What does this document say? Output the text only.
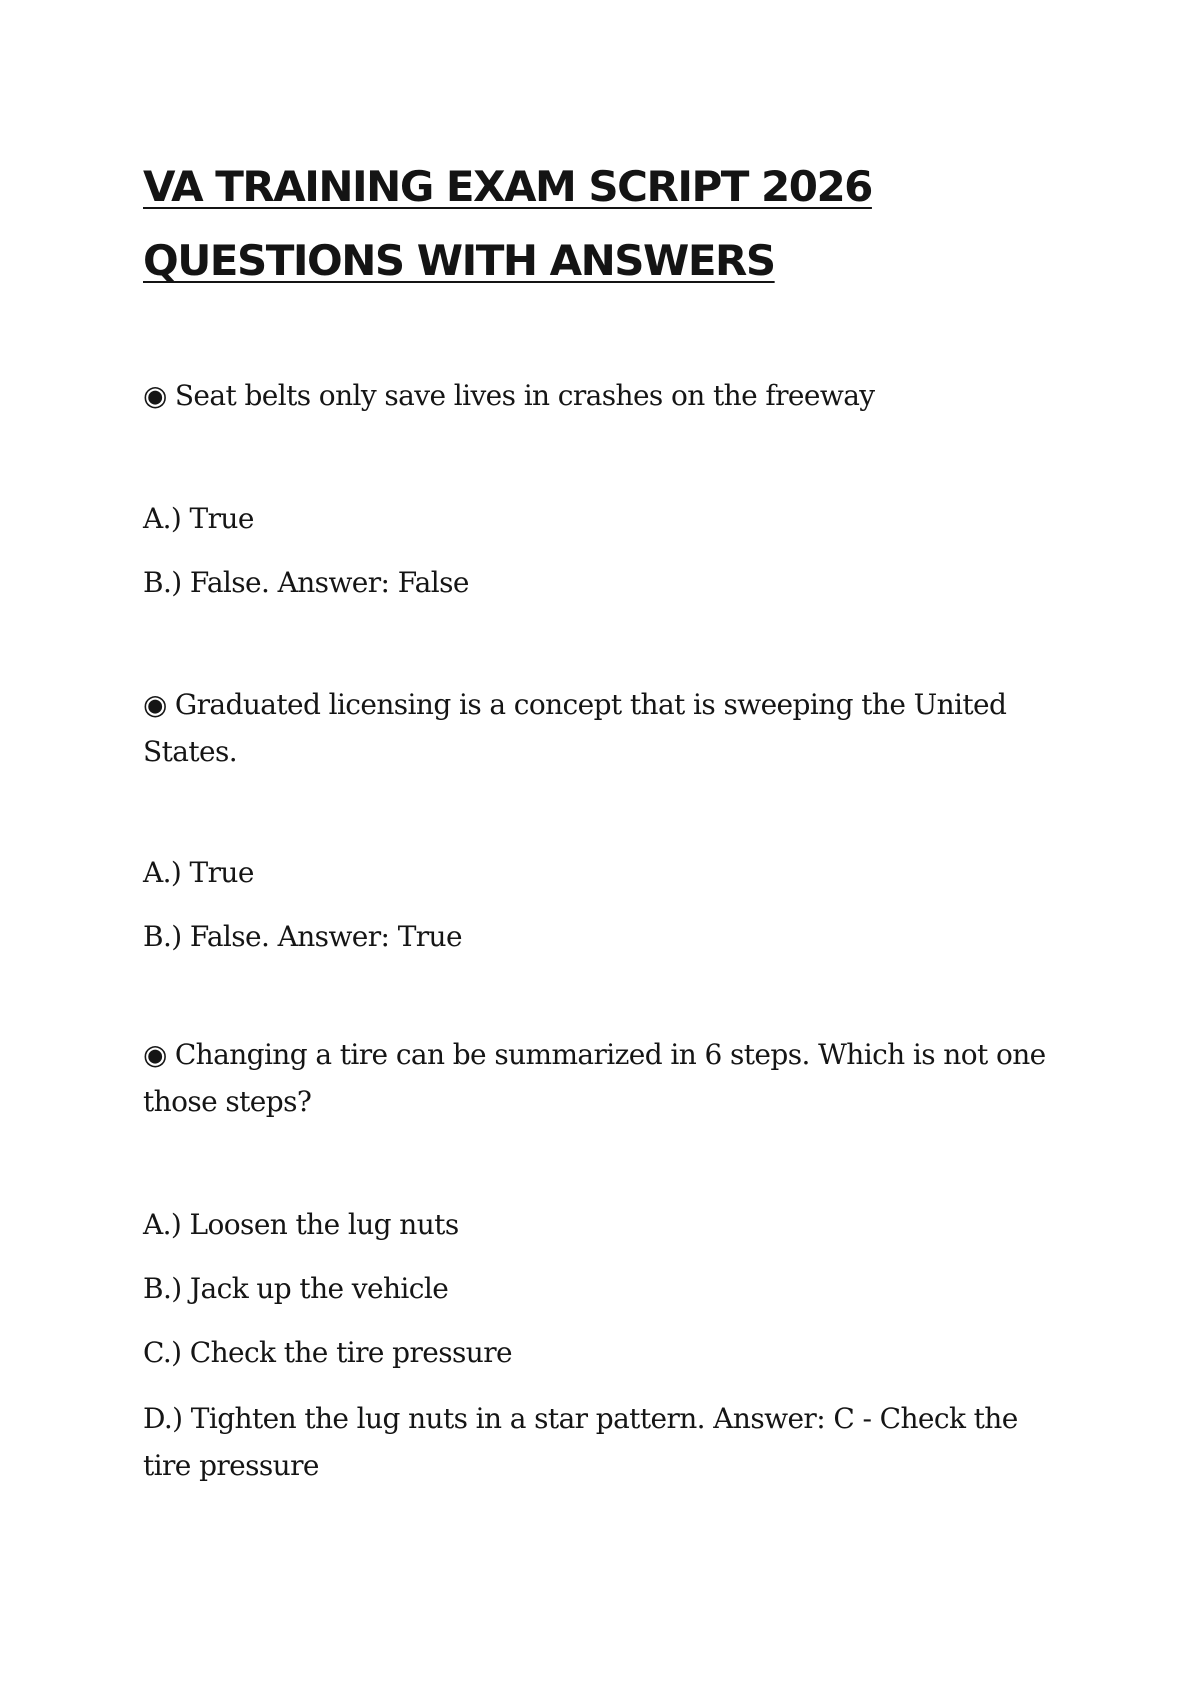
VA TRAINING EXAM SCRIPT 2026 QUESTIONS WITH ANSWERS

◉ Seat belts only save lives in crashes on the freeway

A.) True

B.) False. Answer: False

◉ Graduated licensing is a concept that is sweeping the United States.

A.) True

B.) False. Answer: True

◉ Changing a tire can be summarized in 6 steps. Which is not one those steps?

A.) Loosen the lug nuts

B.) Jack up the vehicle

C.) Check the tire pressure

D.) Tighten the lug nuts in a star pattern. Answer: C - Check the tire pressure
